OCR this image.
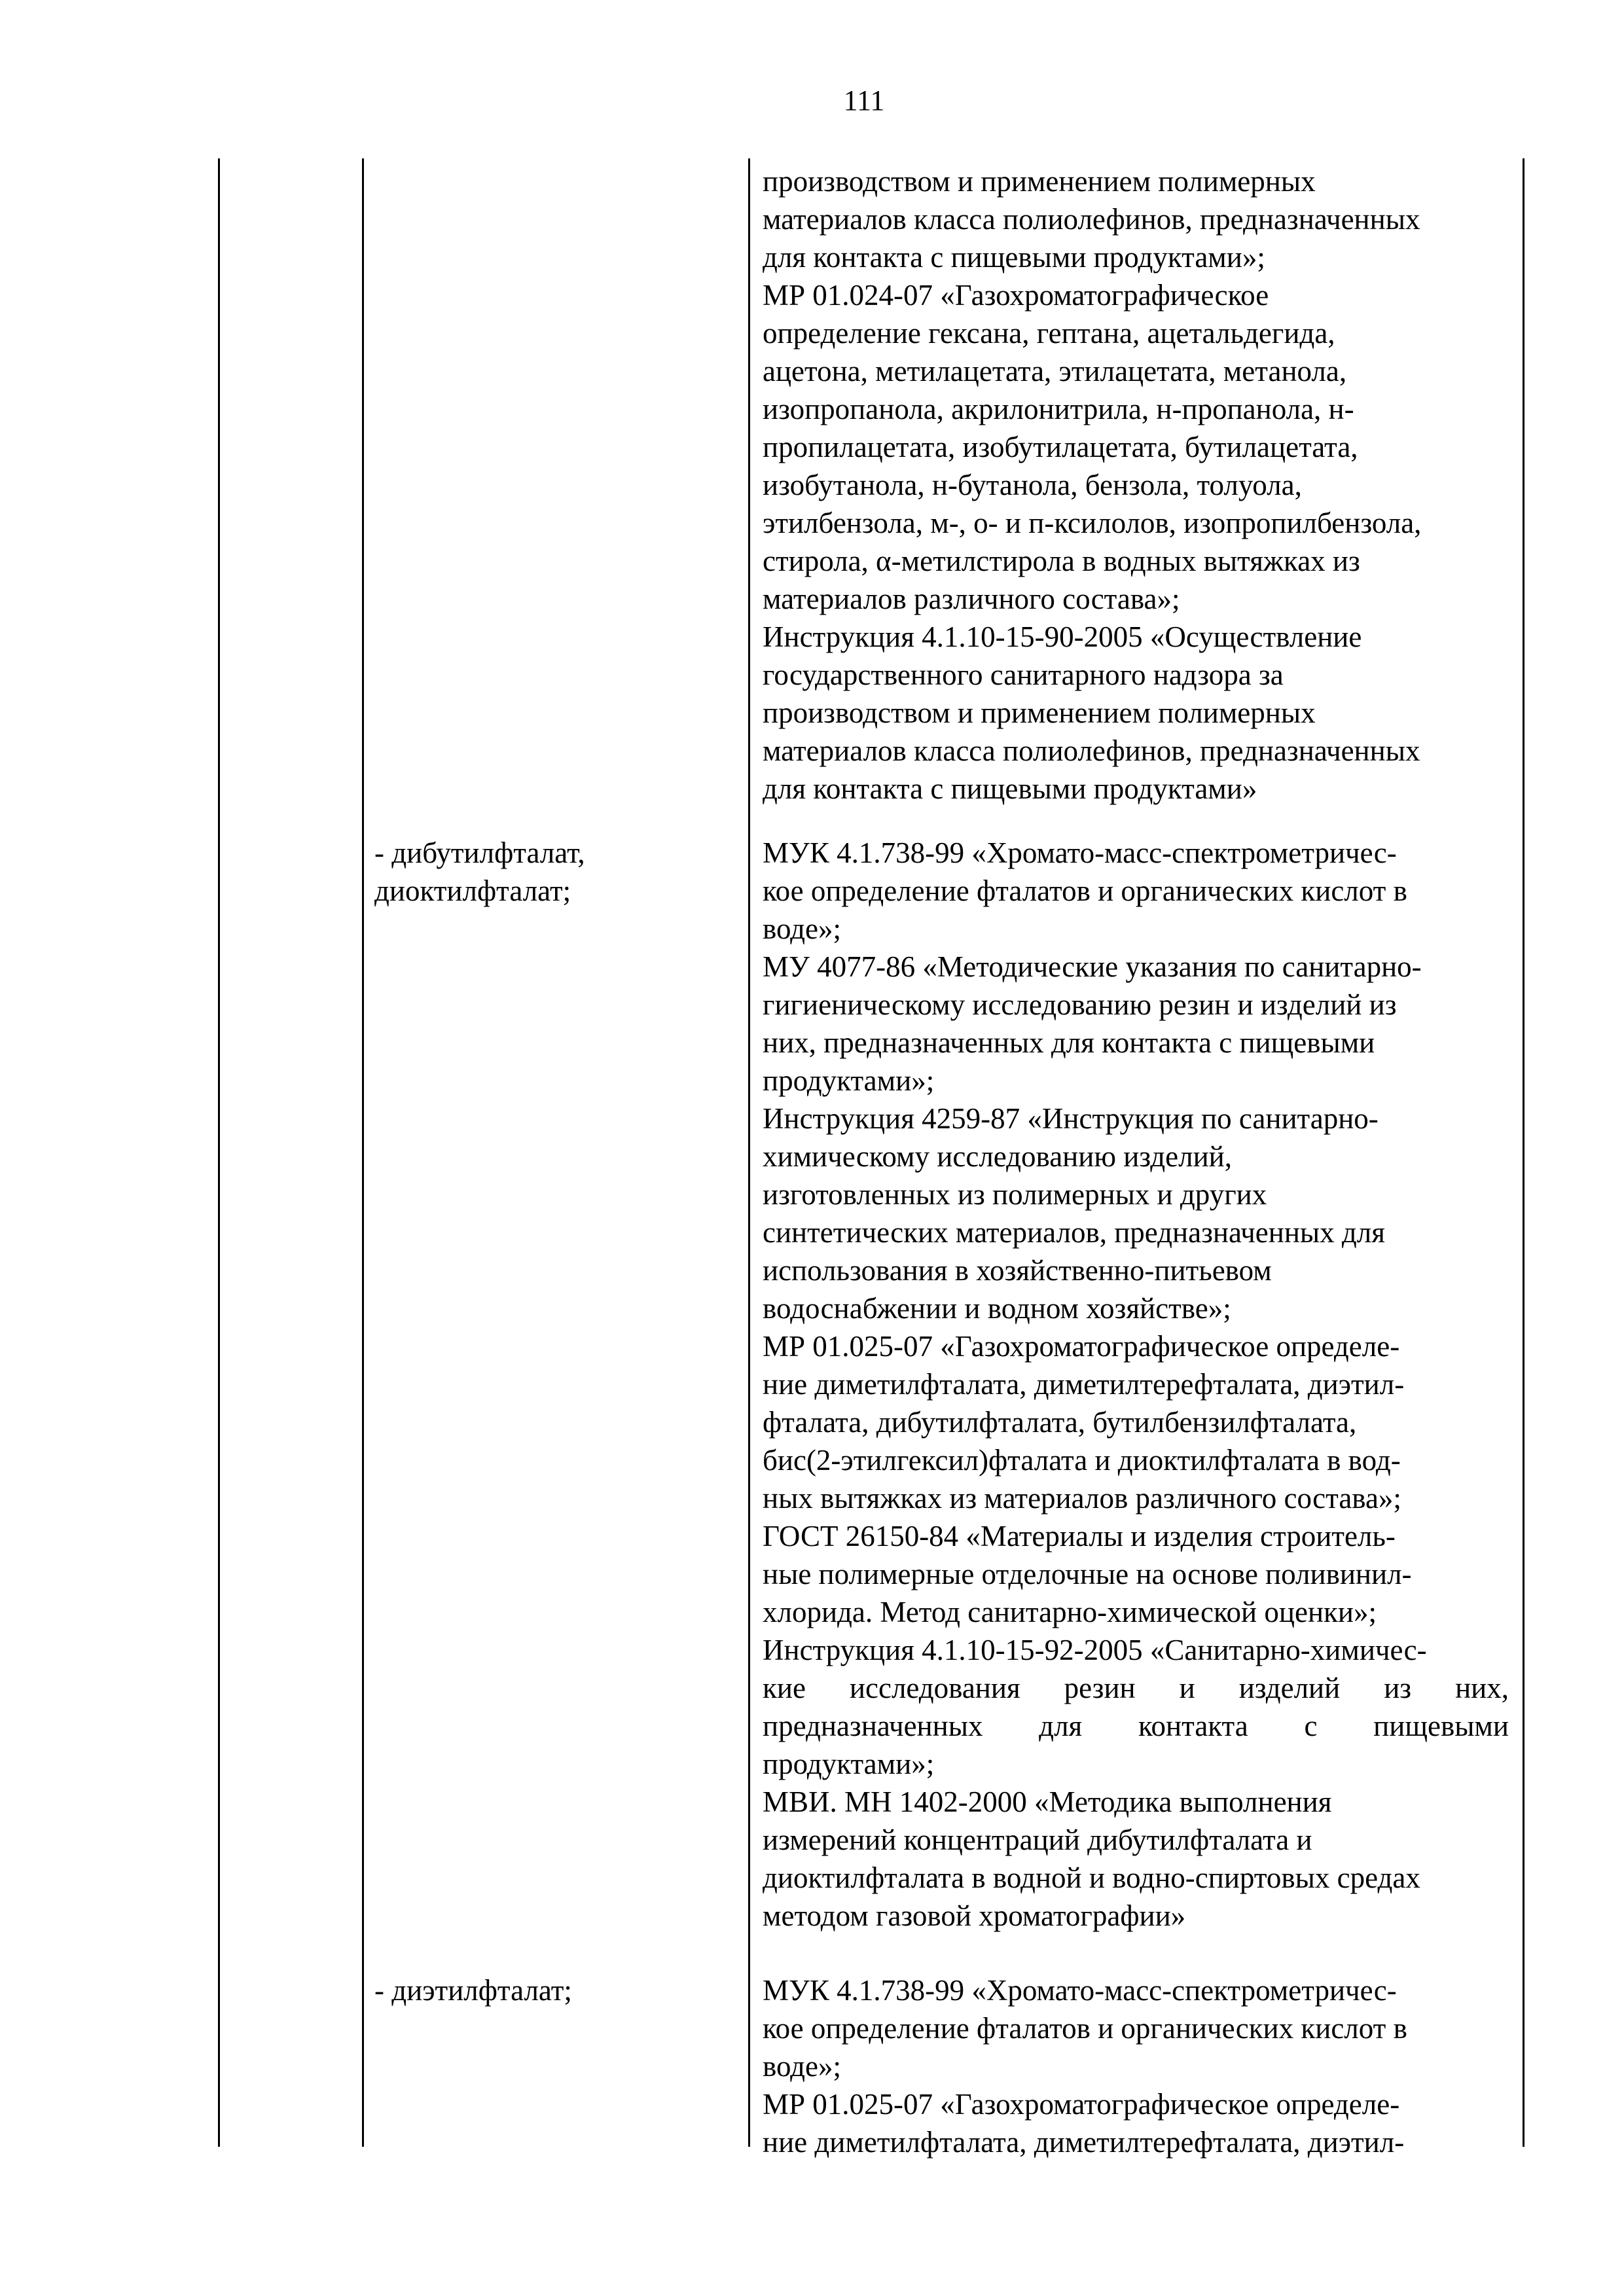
111
производством и применением полимерных
материалов класса полиолефинов, предназначенных
для контакта с пищевыми продуктами»;
МР 01.024-07 «Газохроматографическое
определение гексана, гептана, ацетальдегида,
ацетона, метилацетата, этилацетата, метанола,
изопропанола, акрилонитрила, н-пропанола, н-
пропилацетата, изобутилацетата, бутилацетата,
изобутанола, н-бутанола, бензола, толуола,
этилбензола, м-, о- и п-ксилолов, изопропилбензола,
стирола, α-метилстирола в водных вытяжках из
материалов различного состава»;
Инструкция 4.1.10-15-90-2005 «Осуществление
государственного санитарного надзора за
производством и применением полимерных
материалов класса полиолефинов, предназначенных
для контакта с пищевыми продуктами»
- дибутилфталат,
диоктилфталат;
МУК 4.1.738-99 «Хромато-масс-спектрометричес-
кое определение фталатов и органических кислот в
воде»;
МУ 4077-86 «Методические указания по санитарно-
гигиеническому исследованию резин и изделий из
них, предназначенных для контакта с пищевыми
продуктами»;
Инструкция 4259-87 «Инструкция по санитарно-
химическому исследованию изделий,
изготовленных из полимерных и других
синтетических материалов, предназначенных для
использования в хозяйственно-питьевом
водоснабжении и водном хозяйстве»;
МР 01.025-07 «Газохроматографическое определе-
ние диметилфталата, диметилтерефталата, диэтил-
фталата, дибутилфталата, бутилбензилфталата,
бис(2-этилгексил)фталата и диоктилфталата в вод-
ных вытяжках из материалов различного состава»;
ГОСТ 26150-84 «Материалы и изделия строитель-
ные полимерные отделочные на основе поливинил-
хлорида. Метод санитарно-химической оценки»;
Инструкция 4.1.10-15-92-2005 «Санитарно-химичес-
кие исследования резин и изделий из них,
предназначенных для контакта с пищевыми
продуктами»;
МВИ. МН 1402-2000 «Методика выполнения
измерений концентраций дибутилфталата и
диоктилфталата в водной и водно-спиртовых средах
методом газовой хроматографии»
- диэтилфталат;	МУК 4.1.738-99 «Хромато-масс-спектрометричес-
кое определение фталатов и органических кислот в
воде»;
МР 01.025-07 «Газохроматографическое определе-
ние диметилфталата, диметилтерефталата, диэтил-
